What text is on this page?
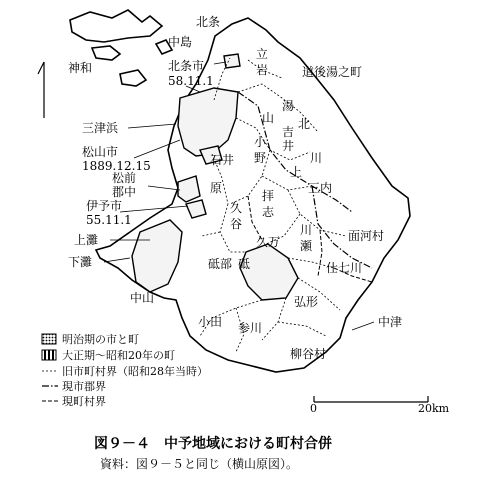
北条
中島
神和	北条市
58.11.1
立
岩	道後湯之町
三津浜
湯
山 北
吉
井
松山市
1889.12.15
小
野	川
上
石井
松前
郡中	原	三内
伊予市
55.11.1
久
谷
拝
志
川
瀬
面河村
上灘
下灘
久万
砥部
中山
仕七川
砥
小田 参川
弘形
中津
柳谷村
明治期の市と町
大正期～昭和20年の町
旧市町村界（昭和28年当時）
現市郡界
現町村界
0	20km
図９－４　中予地域における町村合併
資料：図９－５と同じ（横山原図）。
